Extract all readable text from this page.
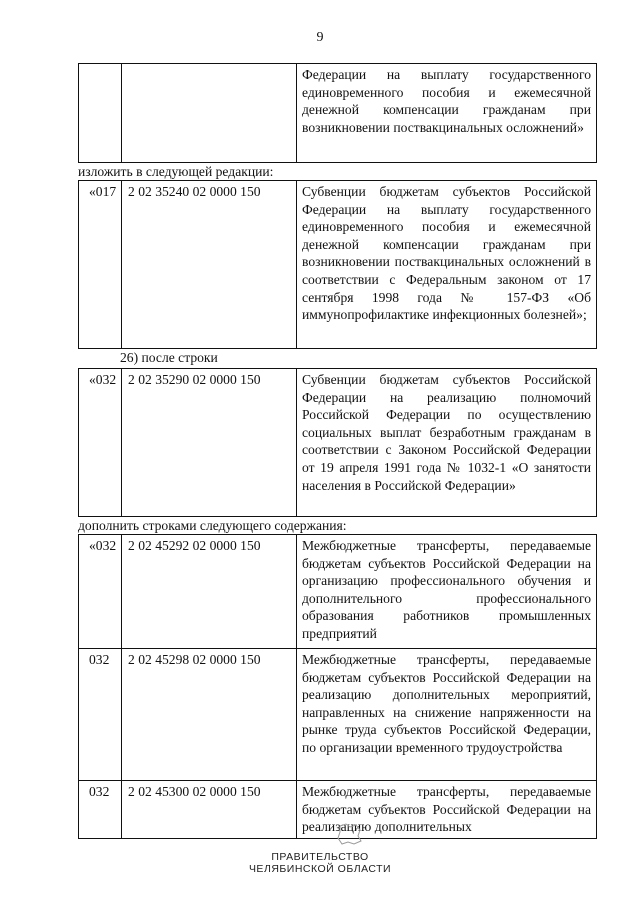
9
		Федерации на выплату государственного единовременного пособия и ежемесячной денежной компенсации гражданам при возникновении поствакцинальных осложнений»
изложить в следующей редакции:
«017	2 02 35240 02 0000 150	Субвенции бюджетам субъектов Российской Федерации на выплату государственного единовременного пособия и ежемесячной денежной компенсации гражданам при возникновении поствакцинальных осложнений в соответствии с Федеральным законом от 17 сентября 1998 года № 157-ФЗ «Об иммунопрофилактике инфекционных болезней»;
26) после строки
«032	2 02 35290 02 0000 150	Субвенции бюджетам субъектов Российской Федерации на реализацию полномочий Российской Федерации по осуществлению социальных выплат безработным гражданам в соответствии с Законом Российской Федерации от 19 апреля 1991 года № 1032-1 «О занятости населения в Российской Федерации»
дополнить строками следующего содержания:
«032	2 02 45292 02 0000 150	Межбюджетные трансферты, передаваемые бюджетам субъектов Российской Федерации на организацию профессионального обучения и дополнительного профессионального образования работников промышленных предприятий
032	2 02 45298 02 0000 150	Межбюджетные трансферты, передаваемые бюджетам субъектов Российской Федерации на реализацию дополнительных мероприятий, направленных на снижение напряженности на рынке труда субъектов Российской Федерации, по организации временного трудоустройства
032	2 02 45300 02 0000 150	Межбюджетные трансферты, передаваемые бюджетам субъектов Российской Федерации на реализацию дополнительных
ПРАВИТЕЛЬСТВО
ЧЕЛЯБИНСКОЙ ОБЛАСТИ
